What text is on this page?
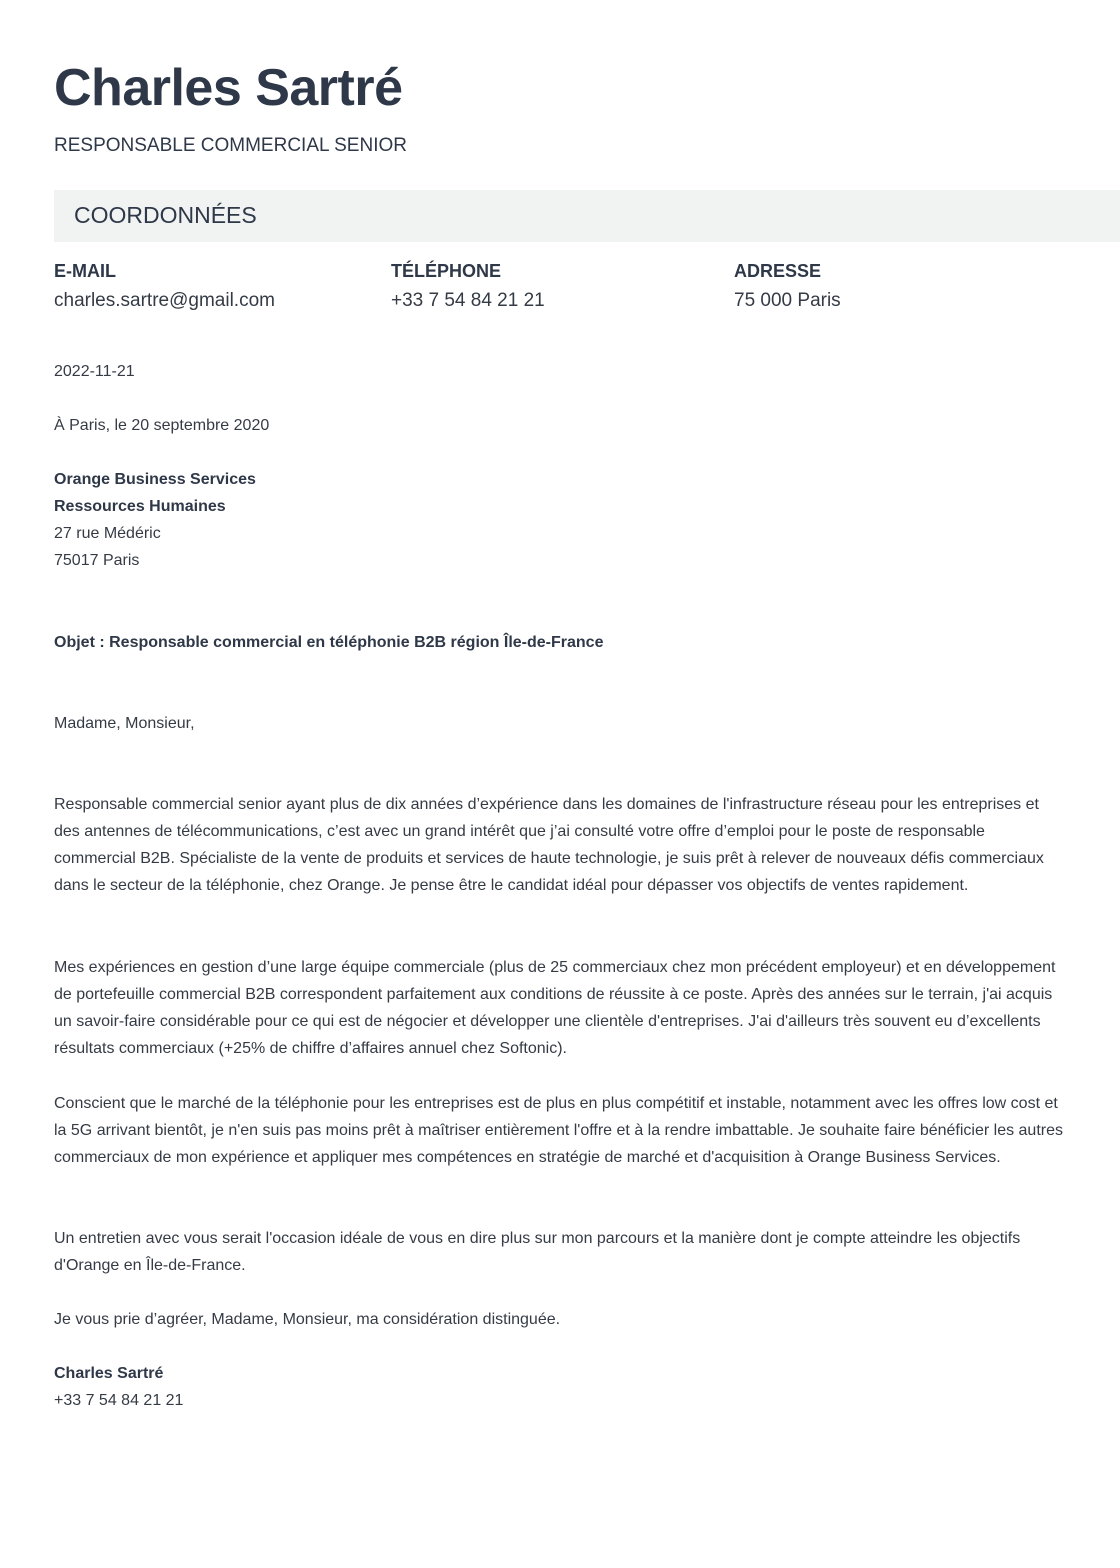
Charles Sartré
RESPONSABLE COMMERCIAL SENIOR
COORDONNÉES
E-MAIL
charles.sartre@gmail.com
TÉLÉPHONE
+33 7 54 84 21 21
ADRESSE
75 000 Paris
2022-11-21
À Paris, le 20 septembre 2020
Orange Business Services
Ressources Humaines
27 rue Médéric
75017 Paris
Objet : Responsable commercial en téléphonie B2B région Île-de-France
Madame, Monsieur,

Responsable commercial senior ayant plus de dix années d’expérience dans les domaines de l'infrastructure réseau pour les entreprises et des antennes de télécommunications, c’est avec un grand intérêt que j’ai consulté votre offre d’emploi pour le poste de responsable commercial B2B. Spécialiste de la vente de produits et services de haute technologie, je suis prêt à relever de nouveaux défis commerciaux dans le secteur de la téléphonie, chez Orange. Je pense être le candidat idéal pour dépasser vos objectifs de ventes rapidement.

Mes expériences en gestion d’une large équipe commerciale (plus de 25 commerciaux chez mon précédent employeur) et en développement de portefeuille commercial B2B correspondent parfaitement aux conditions de réussite à ce poste. Après des années sur le terrain, j'ai acquis un savoir-faire considérable pour ce qui est de négocier et développer une clientèle d'entreprises. J'ai d'ailleurs très souvent eu d’excellents résultats commerciaux (+25% de chiffre d’affaires annuel chez Softonic).

Conscient que le marché de la téléphonie pour les entreprises est de plus en plus compétitif et instable, notamment avec les offres low cost et la 5G arrivant bientôt, je n'en suis pas moins prêt à maîtriser entièrement l'offre et à la rendre imbattable. Je souhaite faire bénéficier les autres commerciaux de mon expérience et appliquer mes compétences en stratégie de marché et d'acquisition à Orange Business Services.

Un entretien avec vous serait l'occasion idéale de vous en dire plus sur mon parcours et la manière dont je compte atteindre les objectifs d'Orange en Île-de-France.

Je vous prie d’agréer, Madame, Monsieur, ma considération distinguée.
Charles Sartré
+33 7 54 84 21 21
